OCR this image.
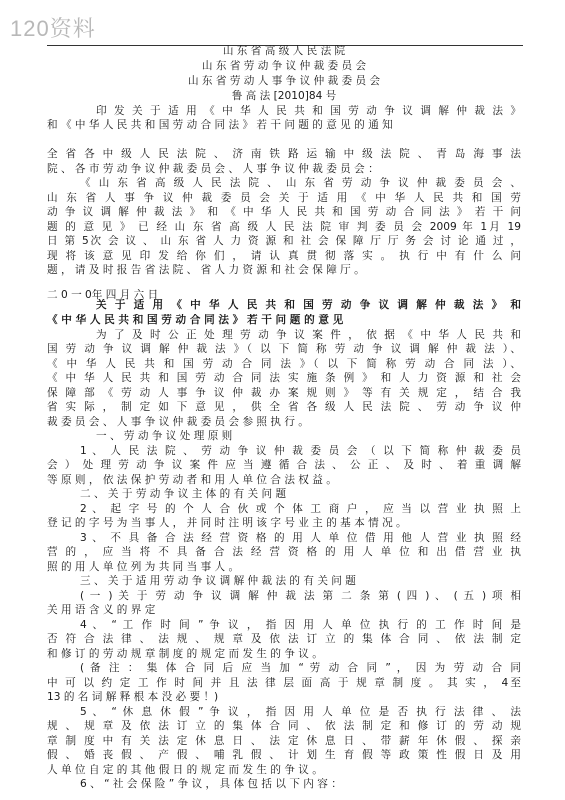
120资料
山 东 省 高 级 人 民 法 院
山 东 省 劳 动 争 议 仲 裁 委 员 会
山 东 省 劳 动 人 事 争 议 仲 裁 委 员 会
鲁 高 法 [2010]84 号
印 发 关 于 适 用 《 中 华 人 民 共 和 国 劳 动 争 议 调 解 仲 裁 法 》
和 《 中 华 人 民 共 和 国 劳 动 合 同 法 》 若 干 问 题 的 意 见 的 通 知
全 省 各 中 级 人 民 法 院 、 济 南 铁 路 运 输 中 级 法 院 、 青 岛 海 事 法
院 、 各 市 劳 动 争 议 仲 裁 委 员 会 、 人 事 争 议 仲 裁 委 员 会 ：
《 山 东 省 高 级 人 民 法 院 、 山 东 省 劳 动 争 议 仲 裁 委 员 会 、
山 东 省 人 事 争 议 仲 裁 委 员 会 关 于 适 用 《 中 华 人 民 共 和 国 劳
动 争 议 调 解 仲 裁 法 》 和 《 中 华 人 民 共 和 国 劳 动 合 同 法 》 若 干 问
题 的 意 见 》 已 经 山 东 省 高 级 人 民 法 院 审 判 委 员 会 2009 年 1月 19
日 第 5次 会 议 、 山 东 省 人 力 资 源 和 社 会 保 障 厅 厅 务 会 讨 论 通 过 ，
现 将 该 意 见 印 发 给 你 们 ， 请 认 真 贯 彻 落 实 。 执 行 中 有 什 么 问
题 ， 请 及 时 报 告 省 法 院 、 省 人 力 资 源 和 社 会 保 障 厅 。
二 0 一 0年 四 月 六 日
关 于 适 用 《 中 华 人 民 共 和 国 劳 动 争 议 调 解 仲 裁 法 》 和
《 中 华 人 民 共 和 国 劳 动 合 同 法 》 若 干 问 题 的 意 见
为 了 及 时 公 正 处 理 劳 动 争 议 案 件 ， 依 据 《 中 华 人 民 共 和
国 劳 动 争 议 调 解 仲 裁 法 》（ 以 下 简 称 劳 动 争 议 调 解 仲 裁 法 ）、
《 中 华 人 民 共 和 国 劳 动 合 同 法 》（ 以 下 简 称 劳 动 合 同 法 ）、
《 中 华 人 民 共 和 国 劳 动 合 同 法 实 施 条 例 》 和 人 力 资 源 和 社 会
保 障 部 《 劳 动 人 事 争 议 仲 裁 办 案 规 则 》 等 有 关 规 定 ， 结 合 我
省 实 际 ， 制 定 如 下 意 见 ， 供 全 省 各 级 人 民 法 院 、 劳 动 争 议 仲
裁 委 员 会 、 人 事 争 议 仲 裁 委 员 会 参 照 执 行 。
一 、 劳 动 争 议 处 理 原 则
1 、 人 民 法 院 、 劳 动 争 议 仲 裁 委 员 会 （ 以 下 简 称 仲 裁 委 员
会 ） 处 理 劳 动 争 议 案 件 应 当 遵 循 合 法 、 公 正 、 及 时 、 着 重 调 解
等 原 则 ， 依 法 保 护 劳 动 者 和 用 人 单 位 合 法 权 益 。
二 、 关 于 劳 动 争 议 主 体 的 有 关 问 题
2 、 起 字 号 的 个 人 合 伙 或 个 体 工 商 户 ， 应 当 以 营 业 执 照 上
登 记 的 字 号 为 当 事 人 ， 并 同 时 注 明 该 字 号 业 主 的 基 本 情 况 。
3 、 不 具 备 合 法 经 营 资 格 的 用 人 单 位 借 用 他 人 营 业 执 照 经
营 的 ， 应 当 将 不 具 备 合 法 经 营 资 格 的 用 人 单 位 和 出 借 营 业 执
照 的 用 人 单 位 列 为 共 同 当 事 人 。
三 、 关 于 适 用 劳 动 争 议 调 解 仲 裁 法 的 有 关 问 题
( 一 ) 关 于 劳 动 争 议 调 解 仲 裁 法 第 二 条 第 ( 四 ) 、 ( 五 ) 项 相
关 用 语 含 义 的 界 定
4 、 “ 工 作 时 间 ” 争 议 ， 指 因 用 人 单 位 执 行 的 工 作 时 间 是
否 符 合 法 律 、 法 规 、 规 章 及 依 法 订 立 的 集 体 合 同 、 依 法 制 定
和 修 订 的 劳 动 规 章 制 度 的 规 定 而 发 生 的 争 议 。
( 备 注 ： 集 体 合 同 后 应 当 加 “ 劳 动 合 同 ” ， 因 为 劳 动 合 同
中 可 以 约 定 工 作 时 间 并 且 法 律 层 面 高 于 规 章 制 度 。 其 实 ， 4至
13 的 名 词 解 释 根 本 没 必 要 ！)
5 、 “ 休 息 休 假 ” 争 议 ， 指 因 用 人 单 位 是 否 执 行 法 律 、 法
规 、 规 章 及 依 法 订 立 的 集 体 合 同 、 依 法 制 定 和 修 订 的 劳 动 规
章 制 度 中 有 关 法 定 休 息 日 、 法 定 休 息 日 、 带 薪 年 休 假 、 探 亲
假 、 婚 丧 假 、 产 假 、 哺 乳 假 、 计 划 生 育 假 等 政 策 性 假 日 及 用
人 单 位 自 定 的 其 他 假 日 的 规 定 而 发 生 的 争 议 。
6 、 “ 社 会 保 险 ” 争 议 ， 具 体 包 括 以 下 内 容 ：
